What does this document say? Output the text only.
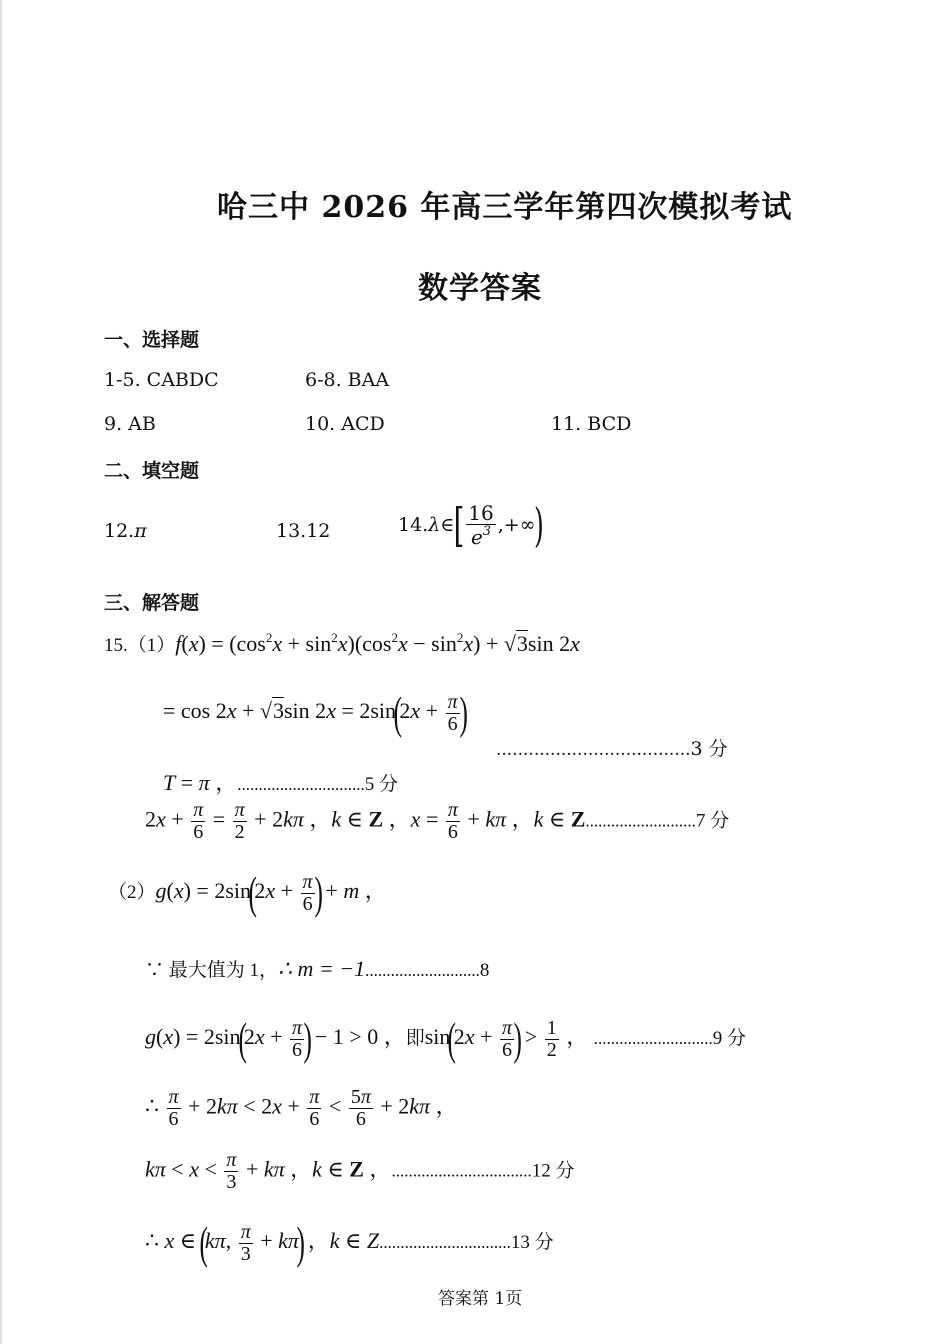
哈三中 2026 年高三学年第四次模拟考试
数学答案
一、选择题
1-5. CABDC	6-8. BAA
9. AB	10. ACD	11. BCD
二、填空题
12.π	13.12	14.λ∈[ $\frac{16}{e^3}$ ,+∞)
三、解答题
$15.(1)f(x) = (\cos^2x + \sin^2x)(\cos^2x - \sin^2x) + √3\sin$ 2x
= cos 2x + √3sin $2x = 2\sin(2x + \frac{\pi}{6}$ )
....................................3 分
T = π ，..............................5 分
$2x + \frac{\pi}{6} = \frac{\pi}{2} + 2k\pi$ ，k ∈ Z ，$x = \frac{\pi}{6} + k\pi$ ，k ∈ Z..........................7 分
$(2)g(x) = 2\sin(2x + \frac{\pi}{6}$ ) + m ，
∵ 最大值为 1，∴ m = −1...........................8
$g(x) = 2\sin(2x + \frac{\pi}{6}$ ) − 1 > 0 ，即$\sin(2x + \frac{\pi}{6}$ ) > $\frac{1}{2}$ ， ............................9 分
∴ $\frac{\pi}{6} + 2k\pi < 2x + \frac{\pi}{6} < \frac{5\pi}{6} + 2k\pi$ ，
$k\pi < x < \frac{\pi}{3} + k\pi$ ，k ∈ Z ，.................................12 分
∴ x ∈ (kπ, $\frac{\pi}{3} + k\pi$) ，k ∈ Z...............................13 分
答案第 1页
